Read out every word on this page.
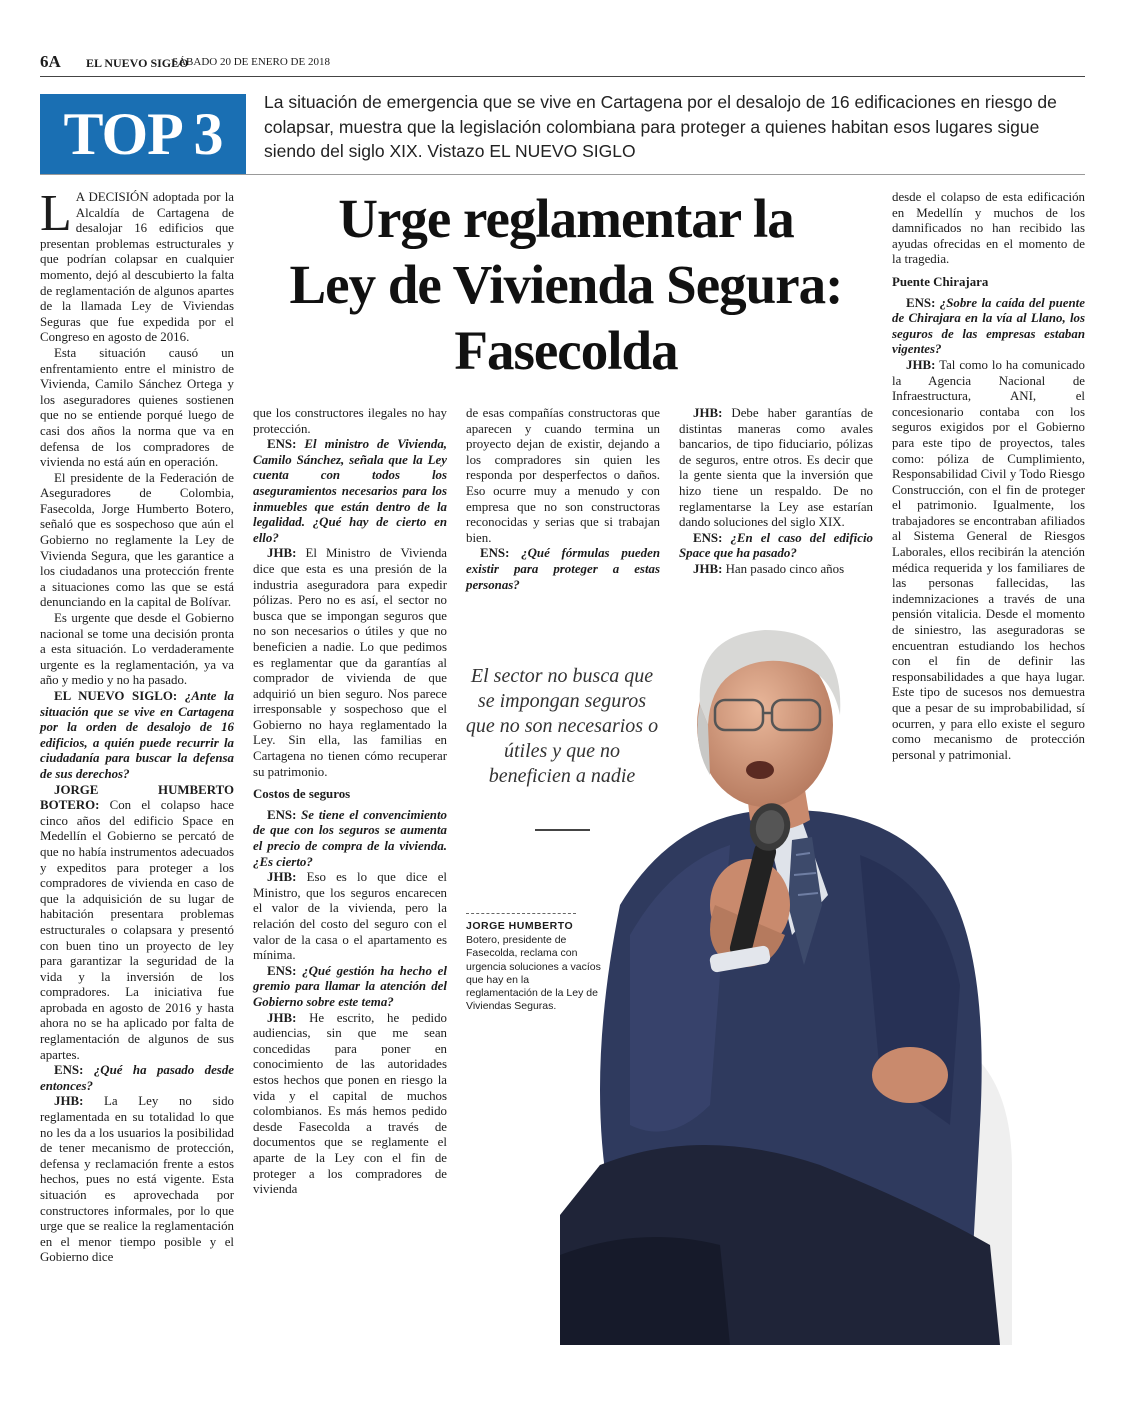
6A EL NUEVO SIGLO
SÁBADO 20 DE ENERO DE 2018
TOP 3	La situación de emergencia que se vive en Cartagena por el desalojo de 16 edificaciones en riesgo de colapsar, muestra que la legislación colombiana para proteger a quienes habitan esos lugares sigue siendo del siglo XIX. Vistazo EL NUEVO SIGLO
Urge reglamentar la
Ley de Vivienda Segura:
Fasecolda

L A DECISIÓN adoptada por la Alcaldía de Cartagena de desalojar 16 edificios que presentan problemas estructurales y que podrían colapsar en cualquier momento, dejó al descubierto la falta de reglamentación de algunos apartes de la llamada Ley de Viviendas Seguras que fue expedida por el Congreso en agosto de 2016.

Esta situación causó un enfrentamiento entre el ministro de Vivienda, Camilo Sánchez Ortega y los aseguradores quienes sostienen que no se entiende porqué luego de casi dos años la norma que va en defensa de los compradores de vivienda no está aún en operación.

El presidente de la Federación de Aseguradores de Colombia, Fasecolda, Jorge Humberto Botero, señaló que es sospechoso que aún el Gobierno no reglamente la Ley de Vivienda Segura, que les garantice a los ciudadanos una protección frente a situaciones como las que se está denunciando en la capital de Bolívar.

Es urgente que desde el Gobierno nacional se tome una decisión pronta a esta situación. Lo verdaderamente urgente es la reglamentación, ya va año y medio y no ha pasado.

EL NUEVO SIGLO: ¿Ante la situación que se vive en Cartagena por la orden de desalojo de 16 edificios, a quién puede recurrir la ciudadanía para buscar la defensa de sus derechos?

JORGE HUMBERTO BOTERO: Con el colapso hace cinco años del edificio Space en Medellín el Gobierno se percató de que no había instrumentos adecuados y expeditos para proteger a los compradores de vivienda en caso de que la adquisición de su lugar de habitación presentara problemas estructurales o colapsara y presentó con buen tino un proyecto de ley para garantizar la seguridad de la vida y la inversión de los compradores. La iniciativa fue aprobada en agosto de 2016 y hasta ahora no se ha aplicado por falta de reglamentación de algunos de sus apartes.

ENS: ¿Qué ha pasado desde entonces?

JHB: La Ley no sido reglamentada en su totalidad lo que no les da a los usuarios la posibilidad de tener mecanismo de protección, defensa y reclamación frente a estos hechos, pues no está vigente. Esta situación es aprovechada por constructores informales, por lo que urge que se realice la reglamentación en el menor tiempo posible y el Gobierno dice

que los constructores ilegales no hay protección.

ENS: El ministro de Vivienda, Camilo Sánchez, señala que la Ley cuenta con todos los aseguramientos necesarios para los inmuebles que están dentro de la legalidad. ¿Qué hay de cierto en ello?

JHB: El Ministro de Vivienda dice que esta es una presión de la industria aseguradora para expedir pólizas. Pero no es así, el sector no busca que se impongan seguros que no son necesarios o útiles y que no beneficien a nadie. Lo que pedimos es reglamentar que da garantías al comprador de vivienda de que adquirió un bien seguro. Nos parece irresponsable y sospechoso que el Gobierno no haya reglamentado la Ley. Sin ella, las familias en Cartagena no tienen cómo recuperar su patrimonio.

Costos de seguros

ENS: Se tiene el convencimiento de que con los seguros se aumenta el precio de compra de la vivienda. ¿Es cierto?

JHB: Eso es lo que dice el Ministro, que los seguros encarecen el valor de la vivienda, pero la relación del costo del seguro con el valor de la casa o el apartamento es mínima.

ENS: ¿Qué gestión ha hecho el gremio para llamar la atención del Gobierno sobre este tema?

JHB: He escrito, he pedido audiencias, sin que me sean concedidas para poner en conocimiento de las autoridades estos hechos que ponen en riesgo la vida y el capital de muchos colombianos. Es más hemos pedido desde Fasecolda a través de documentos que se reglamente el aparte de la Ley con el fin de proteger a los compradores de vivienda

de esas compañías constructoras que aparecen y cuando termina un proyecto dejan de existir, dejando a los compradores sin quien les responda por desperfectos o daños. Eso ocurre muy a menudo y con empresa que no son constructoras reconocidas y serias que si trabajan bien.

ENS: ¿Qué fórmulas pueden existir para proteger a estas personas?

JHB: Debe haber garantías de distintas maneras como avales bancarios, de tipo fiduciario, pólizas de seguros, entre otros. Es decir que la gente sienta que la inversión que hizo tiene un respaldo. De no reglamentarse la Ley ase estarían dando soluciones del siglo XIX.

ENS: ¿En el caso del edificio Space que ha pasado?

JHB: Han pasado cinco años

desde el colapso de esta edificación en Medellín y muchos de los damnificados no han recibido las ayudas ofrecidas en el momento de la tragedia.

Puente Chirajara

ENS: ¿Sobre la caída del puente de Chirajara en la vía al Llano, los seguros de las empresas estaban vigentes?

JHB: Tal como lo ha comunicado la Agencia Nacional de Infraestructura, ANI, el concesionario contaba con los seguros exigidos por el Gobierno para este tipo de proyectos, tales como: póliza de Cumplimiento, Responsabilidad Civil y Todo Riesgo Construcción, con el fin de proteger el patrimonio. Igualmente, los trabajadores se encontraban afiliados al Sistema General de Riesgos Laborales, ellos recibirán la atención médica requerida y los familiares de las personas fallecidas, las indemnizaciones a través de una pensión vitalicia. Desde el momento de siniestro, las aseguradoras se encuentran estudiando los hechos con el fin de definir las responsabilidades a que haya lugar. Este tipo de sucesos nos demuestra que a pesar de su improbabilidad, sí ocurren, y para ello existe el seguro como mecanismo de protección personal y patrimonial.

El sector no busca que se impongan seguros que no son necesarios o útiles y que no beneficien a nadie
JORGE HUMBERTO
Botero, presidente de Fasecolda, reclama con urgencia soluciones a vacíos que hay en la reglamentación de la Ley de Viviendas Seguras.
